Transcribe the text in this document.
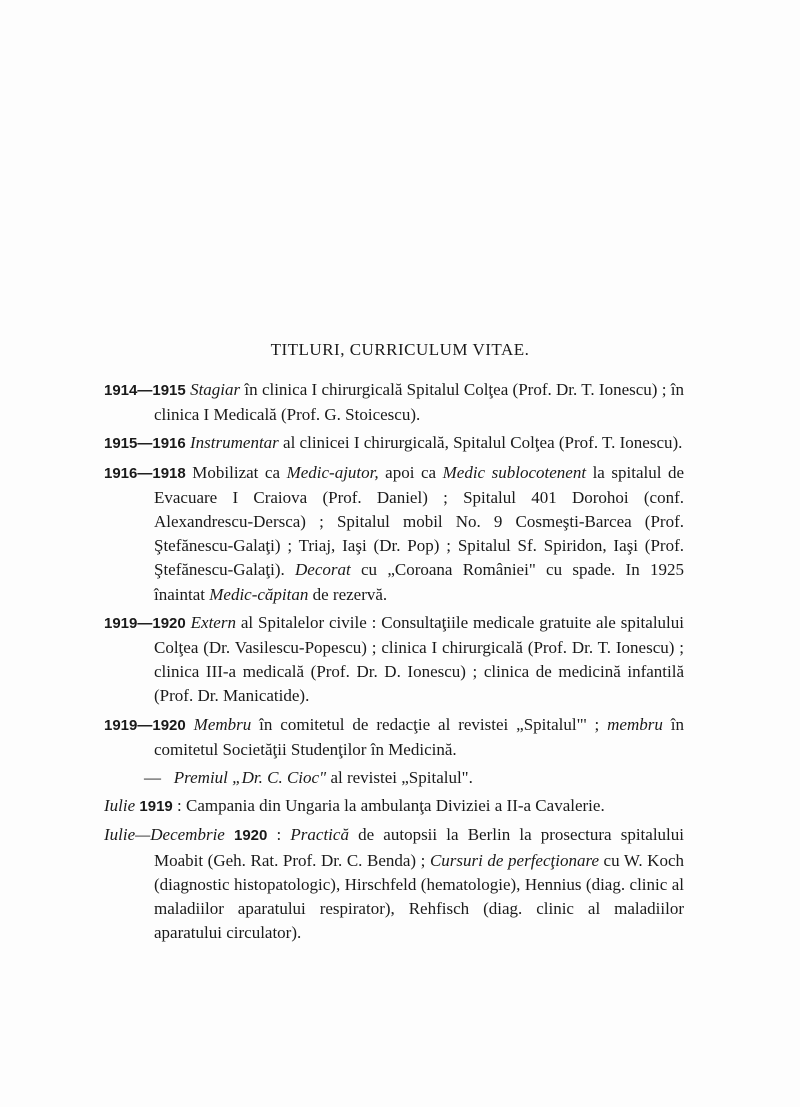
TITLURI, CURRICULUM VITAE.

1914—1915 Stagiar în clinica I chirurgicală Spitalul Colţea (Prof. Dr. T. Ionescu) ; în clinica I Medicală (Prof. G. Stoicescu).

1915—1916 Instrumentar al clinicei I chirurgicală, Spitalul Colţea (Prof. T. Ionescu).

1916—1918 Mobilizat ca Medic-ajutor, apoi ca Medic sublocotenent la spitalul de Evacuare I Craiova (Prof. Daniel) ; Spitalul 401 Dorohoi (conf. Alexandrescu-Dersca) ; Spitalul mobil No. 9 Cosmeşti-Barcea (Prof. Ştefănescu-Galaţi) ; Triaj, Iaşi (Dr. Pop) ; Spitalul Sf. Spiridon, Iaşi (Prof. Ştefănescu-Galaţi). Decorat cu „Coroana României" cu spade. In 1925 înaintat Medic-căpitan de rezervă.

1919—1920 Extern al Spitalelor civile : Consultaţiile medicale gratuite ale spitalului Colţea (Dr. Vasilescu-Popescu) ; clinica I chirurgicală (Prof. Dr. T. Ionescu) ; clinica III-a medicală (Prof. Dr. D. Ionescu) ; clinica de medicină infantilă (Prof. Dr. Manicatide).

1919—1920 Membru în comitetul de redacţie al revistei „Spitalul"' ; membru în comitetul Societăţii Studenţilor în Medicină.

— Premiul „Dr. C. Cioc" al revistei „Spitalul".

Iulie 1919 : Campania din Ungaria la ambulanţa Diviziei a II-a Cavalerie.

Iulie—Decembrie 1920 : Practică de autopsii la Berlin la prosectura spitalului Moabit (Geh. Rat. Prof. Dr. C. Benda) ; Cursuri de perfecţionare cu W. Koch (diagnostic histopatologic), Hirschfeld (hematologie), Hennius (diag. clinic al maladiilor aparatului respirator), Rehfisch (diag. clinic al maladiilor aparatului circulator).
